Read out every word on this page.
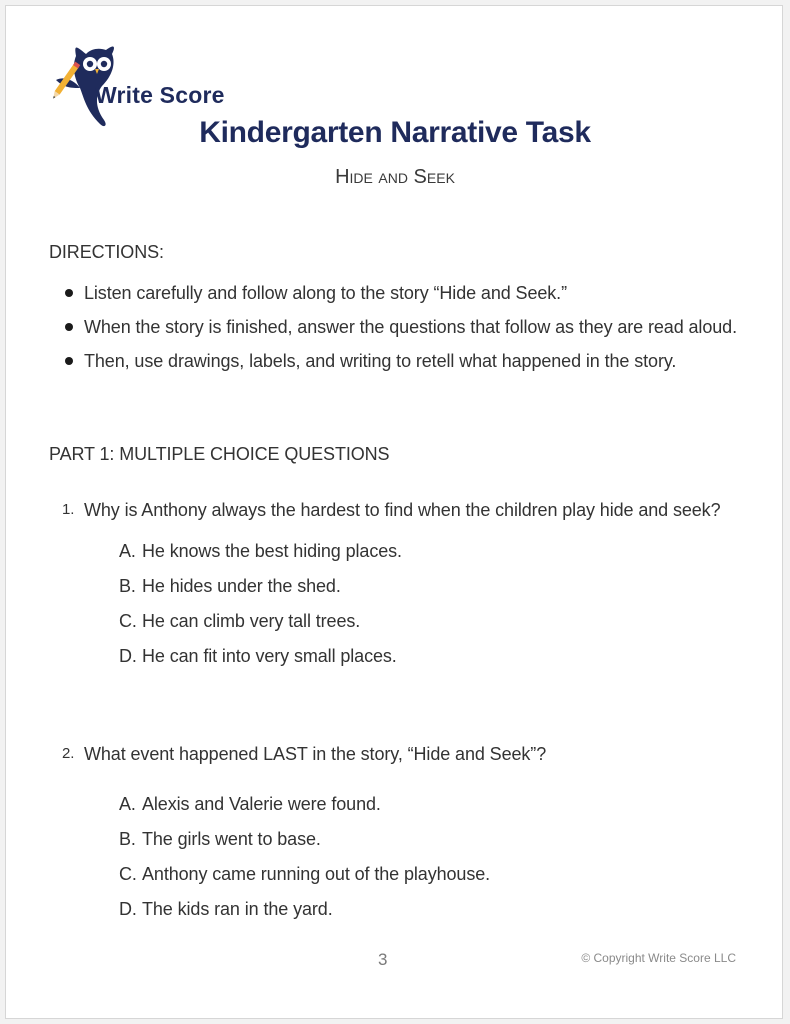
Write Score
Kindergarten Narrative Task
Hide and Seek
DIRECTIONS:
Listen carefully and follow along to the story “Hide and Seek.”
When the story is finished, answer the questions that follow as they are read aloud.
Then, use drawings, labels, and writing to retell what happened in the story.
PART 1: MULTIPLE CHOICE QUESTIONS
1. Why is Anthony always the hardest to find when the children play hide and seek?
A. He knows the best hiding places.
B. He hides under the shed.
C. He can climb very tall trees.
D. He can fit into very small places.
2. What event happened LAST in the story, “Hide and Seek”?
A. Alexis and Valerie were found.
B. The girls went to base.
C. Anthony came running out of the playhouse.
D. The kids ran in the yard.
3	© Copyright Write Score LLC
